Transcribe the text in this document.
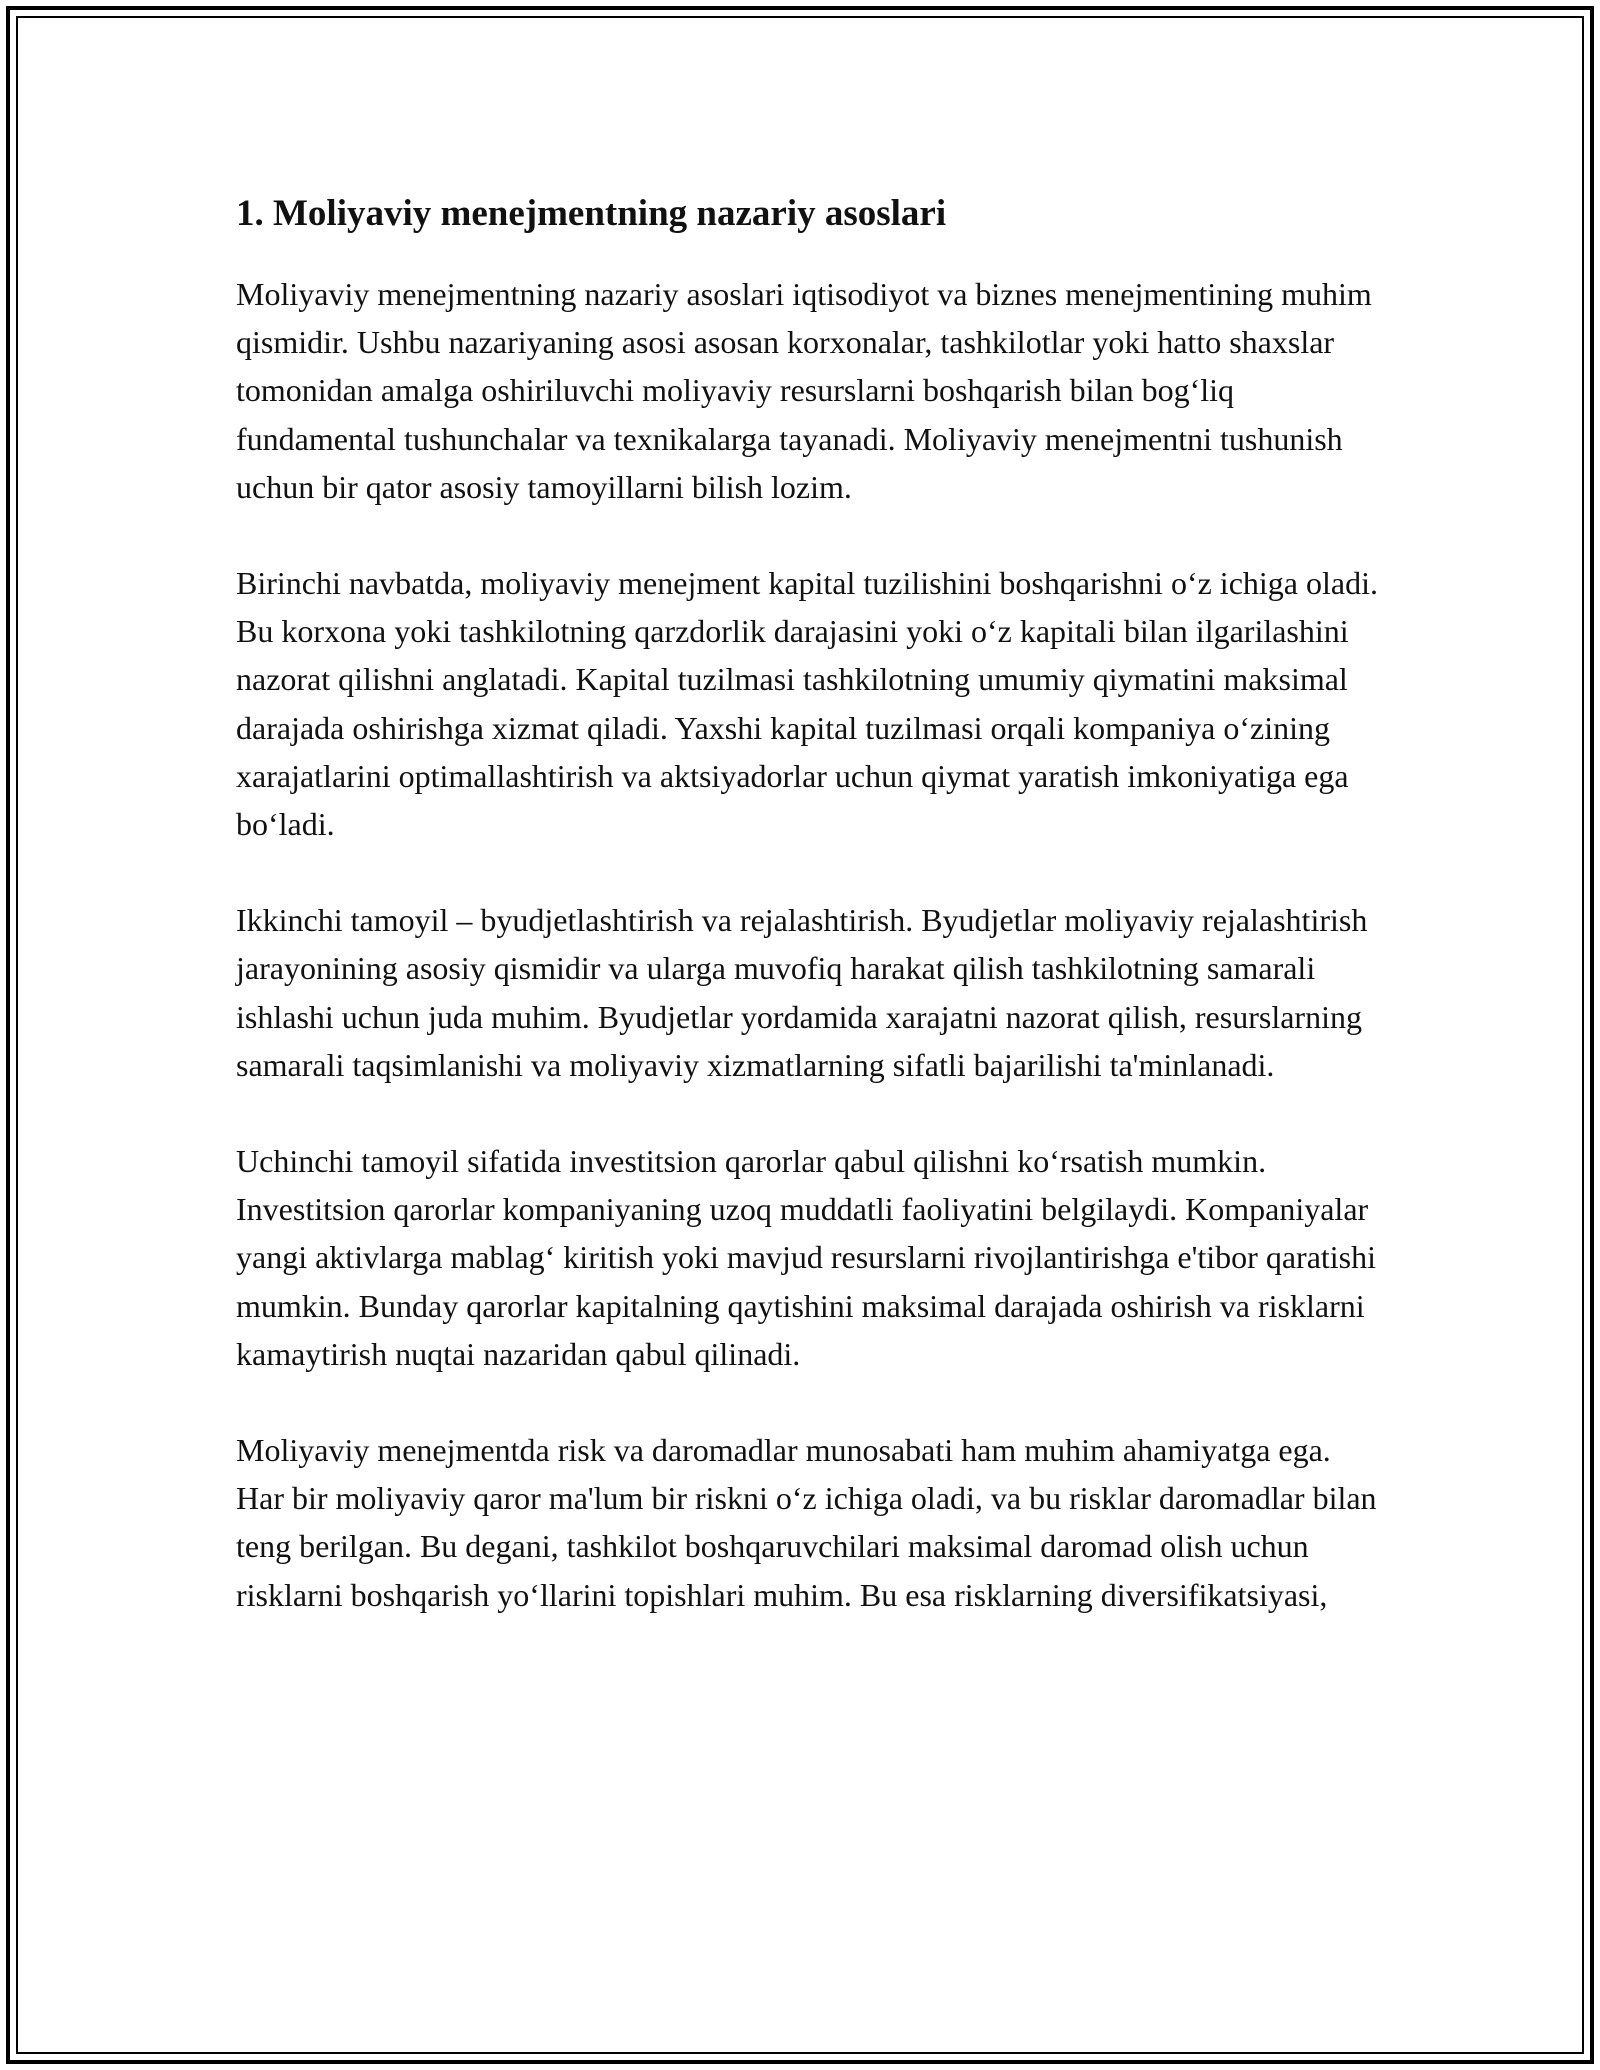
1. Moliyaviy menejmentning nazariy asoslari

Moliyaviy menejmentning nazariy asoslari iqtisodiyot va biznes menejmentining muhim qismidir. Ushbu nazariyaning asosi asosan korxonalar, tashkilotlar yoki hatto shaxslar tomonidan amalga oshiriluvchi moliyaviy resurslarni boshqarish bilan bog‘liq fundamental tushunchalar va texnikalarga tayanadi. Moliyaviy menejmentni tushunish uchun bir qator asosiy tamoyillarni bilish lozim.

Birinchi navbatda, moliyaviy menejment kapital tuzilishini boshqarishni o‘z ichiga oladi. Bu korxona yoki tashkilotning qarzdorlik darajasini yoki o‘z kapitali bilan ilgarilashini nazorat qilishni anglatadi. Kapital tuzilmasi tashkilotning umumiy qiymatini maksimal darajada oshirishga xizmat qiladi. Yaxshi kapital tuzilmasi orqali kompaniya o‘zining xarajatlarini optimallashtirish va aktsiyadorlar uchun qiymat yaratish imkoniyatiga ega bo‘ladi.

Ikkinchi tamoyil – byudjetlashtirish va rejalashtirish. Byudjetlar moliyaviy rejalashtirish jarayonining asosiy qismidir va ularga muvofiq harakat qilish tashkilotning samarali ishlashi uchun juda muhim. Byudjetlar yordamida xarajatni nazorat qilish, resurslarning samarali taqsimlanishi va moliyaviy xizmatlarning sifatli bajarilishi ta'minlanadi.

Uchinchi tamoyil sifatida investitsion qarorlar qabul qilishni ko‘rsatish mumkin. Investitsion qarorlar kompaniyaning uzoq muddatli faoliyatini belgilaydi. Kompaniyalar yangi aktivlarga mablag‘ kiritish yoki mavjud resurslarni rivojlantirishga e'tibor qaratishi mumkin. Bunday qarorlar kapitalning qaytishini maksimal darajada oshirish va risklarni kamaytirish nuqtai nazaridan qabul qilinadi.

Moliyaviy menejmentda risk va daromadlar munosabati ham muhim ahamiyatga ega. Har bir moliyaviy qaror ma'lum bir riskni o‘z ichiga oladi, va bu risklar daromadlar bilan teng berilgan. Bu degani, tashkilot boshqaruvchilari maksimal daromad olish uchun risklarni boshqarish yo‘llarini topishlari muhim. Bu esa risklarning diversifikatsiyasi,
